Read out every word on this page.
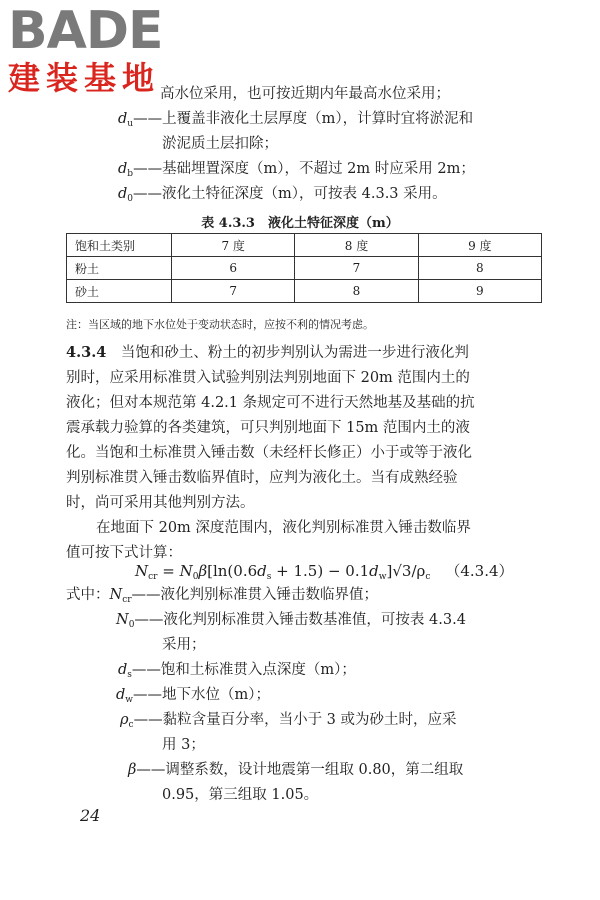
BADE
建装基地 高水位采用，也可按近期内年最高水位采用；
$d_u——$上覆盖非液化土层厚度（m），计算时宜将淤泥和
淤泥质土层扣除；
$d_b——$基础埋置深度（m），不超过 2m 时应采用 2m；
$d_0——$液化土特征深度（m），可按表 4.3.3 采用。
表 4.3.3　液化土特征深度（m）
饱和土类别	7 度	8 度	9 度
粉土	6	7	8
砂土	7	8	9
注：当区域的地下水位处于变动状态时，应按不利的情况考虑。
4.3.4  当饱和砂土、粉土的初步判别认为需进一步进行液化判
别时，应采用标准贯入试验判别法判别地面下 20m 范围内土的
液化；但对本规范第 4.2.1 条规定可不进行天然地基及基础的抗
震承载力验算的各类建筑，可只判别地面下 15m 范围内土的液
化。当饱和土标准贯入锤击数（未经杆长修正）小于或等于液化
判别标准贯入锤击数临界值时，应判为液化土。当有成熟经验
时，尚可采用其他判别方法。
在地面下 20m 深度范围内，液化判别标准贯入锤击数临界
值可按下式计算：
$N_{cr} = N_0\beta[\ln(0.6d_s + 1.5) - 0.1d_w]√3/\rho_c$  （4.3.4）
式中：$N_{cr}——$液化判别标准贯入锤击数临界值；
$N_0——$液化判别标准贯入锤击数基准值，可按表 4.3.4
采用；
$d_s——$饱和土标准贯入点深度（m）；
$d_w——$地下水位（m）；
$\rho_c——$黏粒含量百分率，当小于 3 或为砂土时，应采
用 3；
β——调整系数，设计地震第一组取 0.80，第二组取
0.95，第三组取 1.05。
24
